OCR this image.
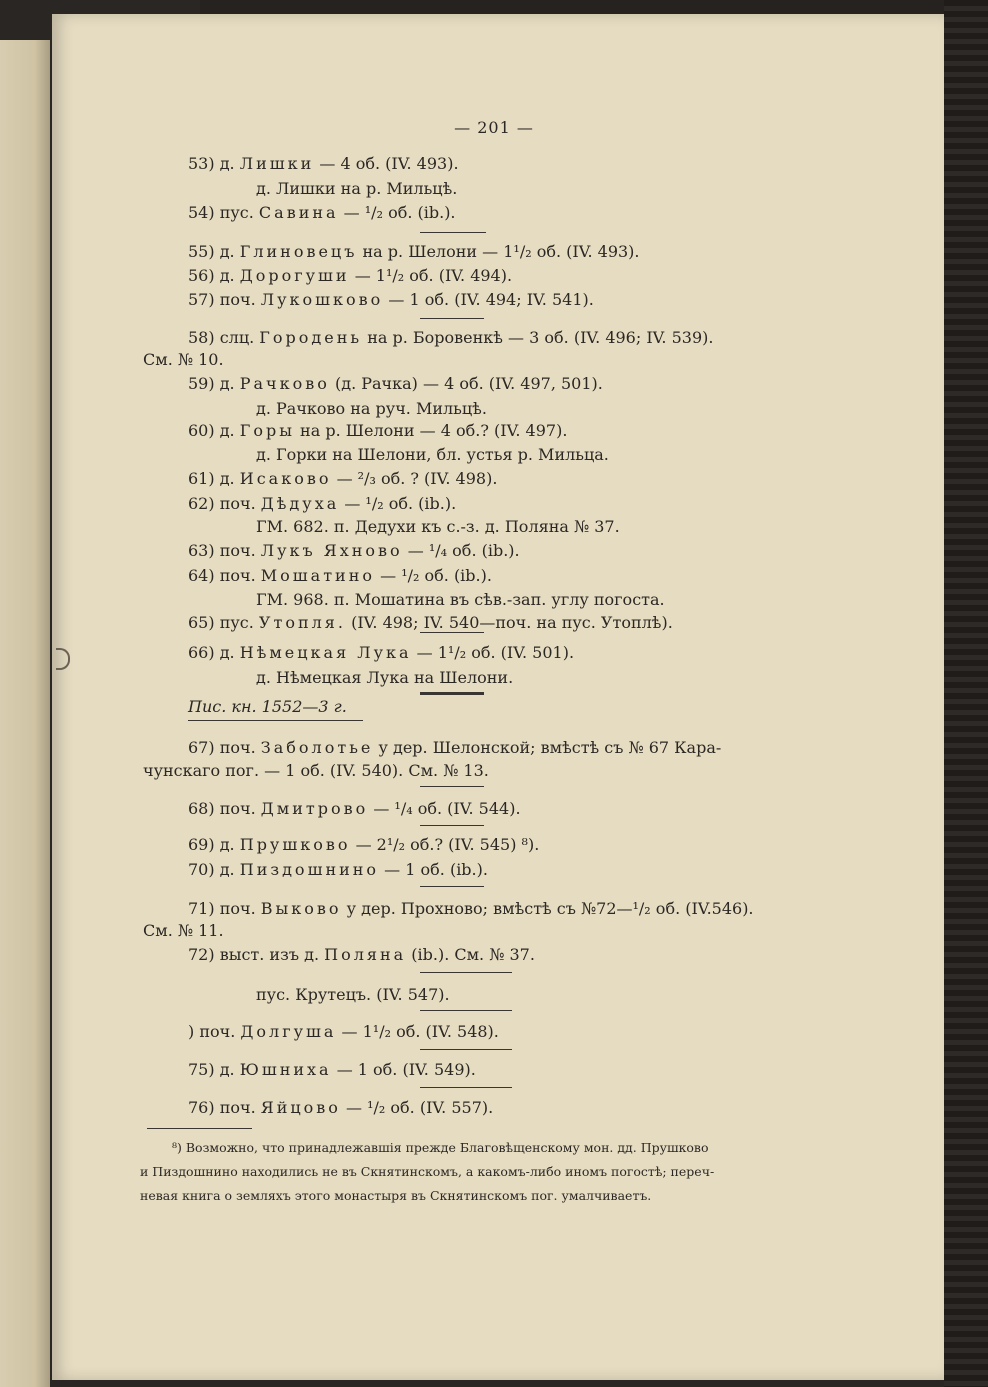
— 201 —
53) д. Лишки — 4 об. (IV. 493).
д. Лишки на р. Мильцѣ.
54) пус. Савина — ¹/₂ об. (ib.).
55) д. Глиновецъ на р. Шелони — 1¹/₂ об. (IV. 493).
56) д. Дорогуши — 1¹/₂ об. (IV. 494).
57) поч. Лукошково — 1 об. (IV. 494; IV. 541).
58) слц. Городень на р. Боровенкѣ — 3 об. (IV. 496; IV. 539).
См. № 10.
59) д. Рачково (д. Рачка) — 4 об. (IV. 497, 501).
д. Рачково на руч. Мильцѣ.
60) д. Горы на р. Шелони — 4 об.? (IV. 497).
д. Горки на Шелони, бл. устья р. Мильца.
61) д. Исаково — ²/₃ об. ? (IV. 498).
62) поч. Дѣдуха — ¹/₂ об. (ib.).
ГМ. 682. п. Дедухи къ с.-з. д. Поляна № 37.
63) поч. Лукъ Яхново — ¹/₄ об. (ib.).
64) поч. Мошатино — ¹/₂ об. (ib.).
ГМ. 968. п. Мошатина въ сѣв.-зап. углу погоста.
65) пус. Утопля. (IV. 498; IV. 540—поч. на пус. Утоплѣ).
66) д. Нѣмецкая Лука — 1¹/₂ об. (IV. 501).
д. Нѣмецкая Лука на Шелони.
67) поч. Заболотье у дер. Шелонской; вмѣстѣ съ № 67 Кара-
чунскаго пог. — 1 об. (IV. 540). См. № 13.
68) поч. Дмитрово — ¹/₄ об. (IV. 544).
69) д. Прушково — 2¹/₂ об.? (IV. 545) ⁸).
70) д. Пиздошнино — 1 об. (ib.).
71) поч. Выково у дер. Прохново; вмѣстѣ съ №72—¹/₂ об. (IV.546).
См. № 11.
72) выст. изъ д. Поляна (ib.). См. № 37.
пус. Крутецъ. (IV. 547).
) поч. Долгуша — 1¹/₂ об. (IV. 548).
75) д. Юшниха — 1 об. (IV. 549).
76) поч. Яйцово — ¹/₂ об. (IV. 557).
Пис. кн. 1552—3 г.
⁸) Возможно, что принадлежавшія прежде Благовѣщенскому мон. дд. Прушково
и Пиздошнино находились не въ Скнятинскомъ, а какомъ-либо иномъ погостѣ; переч-
невая книга о земляхъ этого монастыря въ Скнятинскомъ пог. умалчиваетъ.
